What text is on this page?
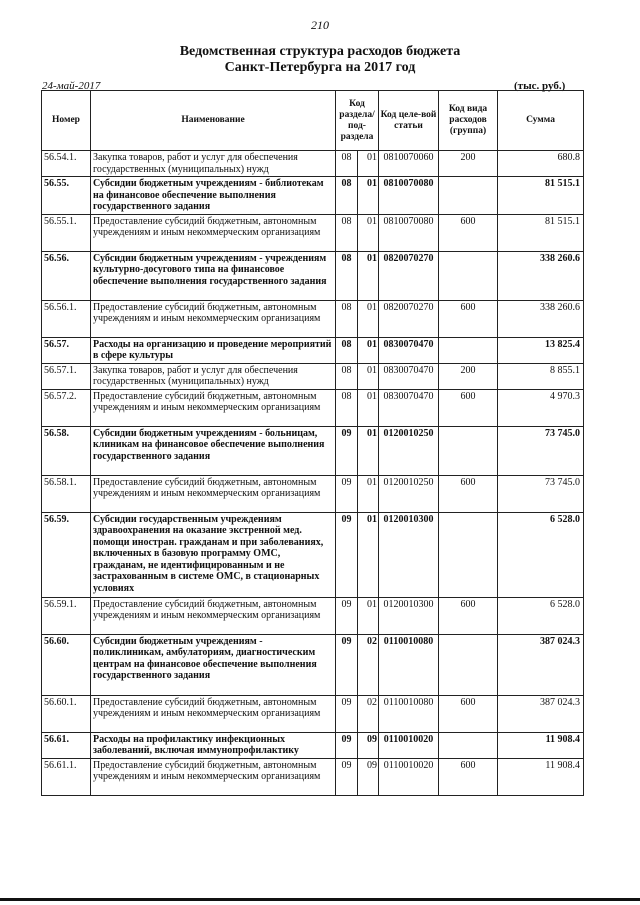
210
Ведомственная структура расходов бюджета
Санкт-Петербурга на 2017 год
24-май-2017	(тыс. руб.)
Номер	Наименование	Код раздела/ под-раздела		Код целе-вой статьи	Код вида расходов (группа)	Сумма
56.54.1.	Закупка товаров, работ и услуг для обеспечения государственных (муниципальных) нужд	08	01	0810070060	200	680.8
56.55.	Субсидии бюджетным учреждениям - библиотекам на финансовое обеспечение выполнения государственного задания	08	01	0810070080		81 515.1
56.55.1.	Предоставление субсидий бюджетным, автономным учреждениям и иным некоммерческим организациям	08	01	0810070080	600	81 515.1
56.56.	Субсидии бюджетным учреждениям - учреждениям культурно-досугового типа на финансовое обеспечение выполнения государственного задания	08	01	0820070270		338 260.6
56.56.1.	Предоставление субсидий бюджетным, автономным учреждениям и иным некоммерческим организациям	08	01	0820070270	600	338 260.6
56.57.	Расходы на организацию и проведение мероприятий в сфере культуры	08	01	0830070470		13 825.4
56.57.1.	Закупка товаров, работ и услуг для обеспечения государственных (муниципальных) нужд	08	01	0830070470	200	8 855.1
56.57.2.	Предоставление субсидий бюджетным, автономным учреждениям и иным некоммерческим организациям	08	01	0830070470	600	4 970.3
56.58.	Субсидии бюджетным учреждениям - больницам, клиникам на финансовое обеспечение выполнения государственного задания	09	01	0120010250		73 745.0
56.58.1.	Предоставление субсидий бюджетным, автономным учреждениям и иным некоммерческим организациям	09	01	0120010250	600	73 745.0
56.59.	Субсидии государственным учреждениям здравоохранения на оказание экстренной мед. помощи иностран. гражданам и при заболеваниях, включенных в базовую программу ОМС, гражданам, не идентифицированным и не застрахованным в системе ОМС, в стационарных условиях	09	01	0120010300		6 528.0
56.59.1.	Предоставление субсидий бюджетным, автономным учреждениям и иным некоммерческим организациям	09	01	0120010300	600	6 528.0
56.60.	Субсидии бюджетным учреждениям - поликлиникам, амбулаториям, диагностическим центрам на финансовое обеспечение выполнения государственного задания	09	02	0110010080		387 024.3
56.60.1.	Предоставление субсидий бюджетным, автономным учреждениям и иным некоммерческим организациям	09	02	0110010080	600	387 024.3
56.61.	Расходы на профилактику инфекционных заболеваний, включая иммунопрофилактику	09	09	0110010020		11 908.4
56.61.1.	Предоставление субсидий бюджетным, автономным учреждениям и иным некоммерческим организациям	09	09	0110010020	600	11 908.4
